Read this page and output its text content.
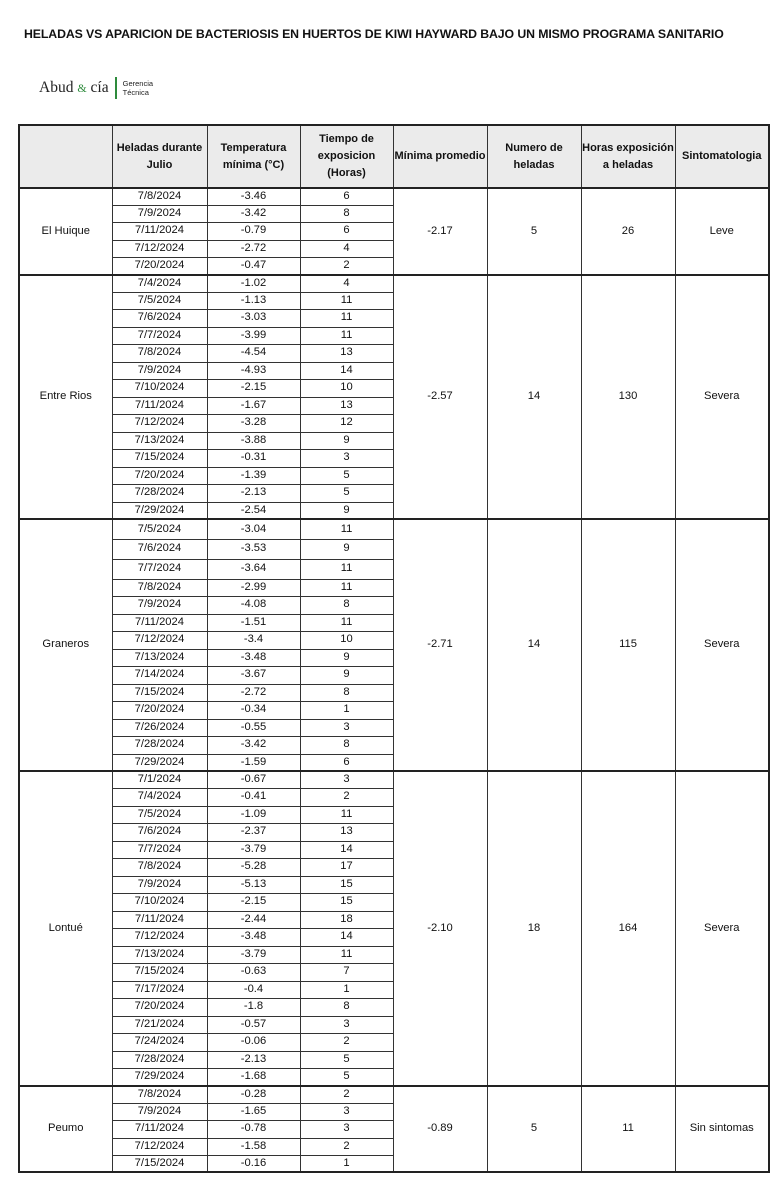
HELADAS VS APARICION DE BACTERIOSIS EN HUERTOS DE KIWI HAYWARD BAJO UN MISMO PROGRAMA SANITARIO
Abud & cía Gerencia
Técnica
	Heladas durante Julio	Temperatura mínima (°C)	Tiempo de exposicion (Horas)	Mínima promedio	Numero de heladas	Horas exposición a heladas	Sintomatologia
El Huique	7/8/2024	-3.46	6	-2.17	5	26	Leve
	7/9/2024	-3.42	8				
	7/11/2024	-0.79	6				
	7/12/2024	-2.72	4				
	7/20/2024	-0.47	2				
Entre Rios	7/4/2024	-1.02	4	-2.57	14	130	Severa
	7/5/2024	-1.13	11				
	7/6/2024	-3.03	11				
	7/7/2024	-3.99	11				
	7/8/2024	-4.54	13				
	7/9/2024	-4.93	14				
	7/10/2024	-2.15	10				
	7/11/2024	-1.67	13				
	7/12/2024	-3.28	12				
	7/13/2024	-3.88	9				
	7/15/2024	-0.31	3				
	7/20/2024	-1.39	5				
	7/28/2024	-2.13	5				
	7/29/2024	-2.54	9				
Graneros	7/5/2024	-3.04	11	-2.71	14	115	Severa
	7/6/2024	-3.53	9				
	7/7/2024	-3.64	11				
	7/8/2024	-2.99	11				
	7/9/2024	-4.08	8				
	7/11/2024	-1.51	11				
	7/12/2024	-3.4	10				
	7/13/2024	-3.48	9				
	7/14/2024	-3.67	9				
	7/15/2024	-2.72	8				
	7/20/2024	-0.34	1				
	7/26/2024	-0.55	3				
	7/28/2024	-3.42	8				
	7/29/2024	-1.59	6				
Lontué	7/1/2024	-0.67	3	-2.10	18	164	Severa
	7/4/2024	-0.41	2				
	7/5/2024	-1.09	11				
	7/6/2024	-2.37	13				
	7/7/2024	-3.79	14				
	7/8/2024	-5.28	17				
	7/9/2024	-5.13	15				
	7/10/2024	-2.15	15				
	7/11/2024	-2.44	18				
	7/12/2024	-3.48	14				
	7/13/2024	-3.79	11				
	7/15/2024	-0.63	7				
	7/17/2024	-0.4	1				
	7/20/2024	-1.8	8				
	7/21/2024	-0.57	3				
	7/24/2024	-0.06	2				
	7/28/2024	-2.13	5				
	7/29/2024	-1.68	5				
Peumo	7/8/2024	-0.28	2	-0.89	5	11	Sin sintomas
	7/9/2024	-1.65	3				
	7/11/2024	-0.78	3				
	7/12/2024	-1.58	2				
	7/15/2024	-0.16	1				
